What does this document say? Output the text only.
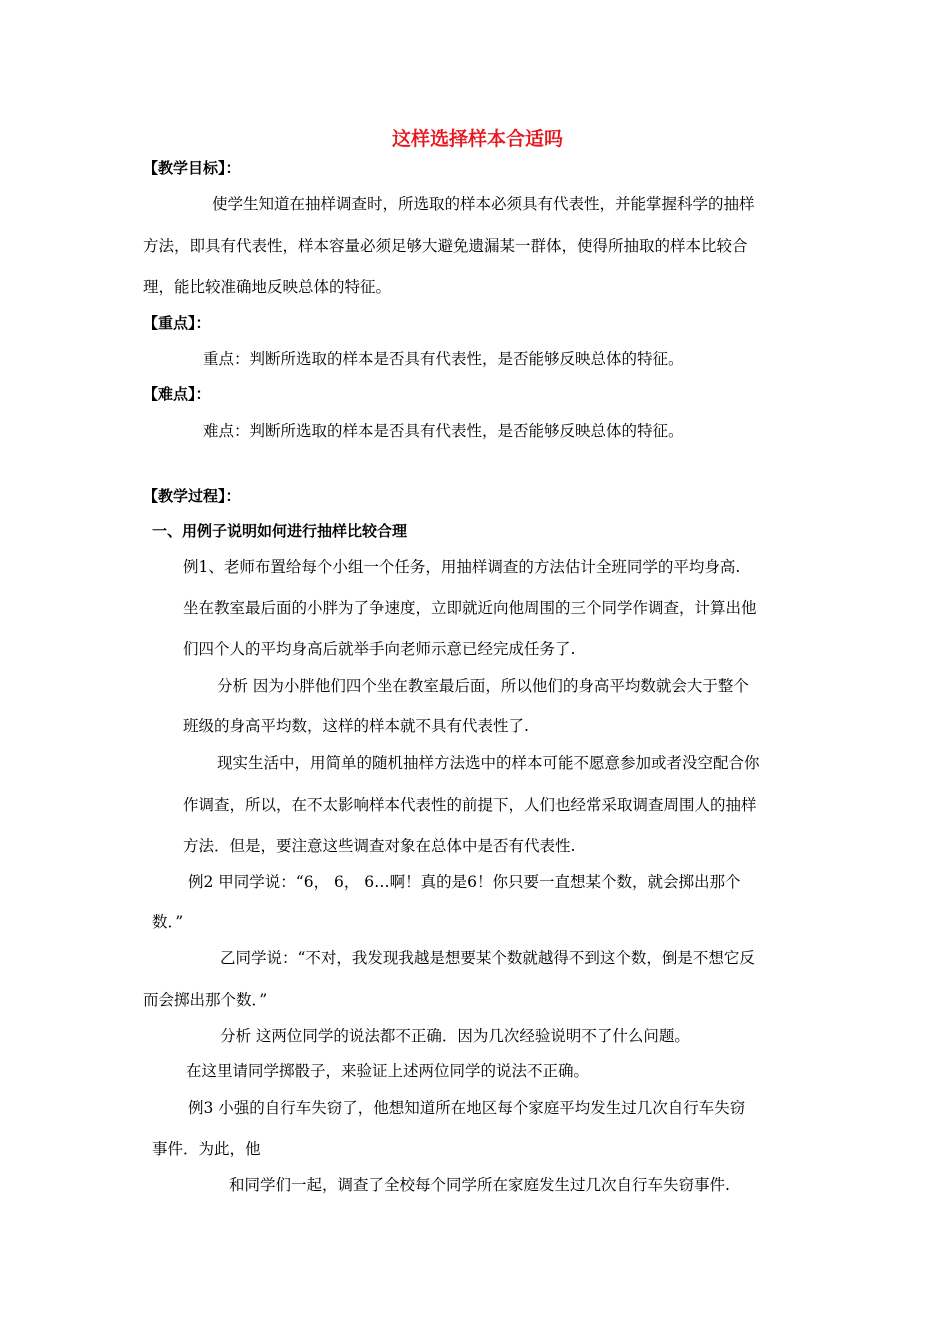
这样选择样本合适吗
【教学目标】：
使学生知道在抽样调查时，所选取的样本必须具有代表性，并能掌握科学的抽样
方法，即具有代表性，样本容量必须足够大避免遗漏某一群体，使得所抽取的样本比较合
理，能比较准确地反映总体的特征。
【重点】：
重点：判断所选取的样本是否具有代表性，是否能够反映总体的特征。
【难点】：
难点：判断所选取的样本是否具有代表性，是否能够反映总体的特征。
【教学过程】：
一、用例子说明如何进行抽样比较合理
例1、老师布置给每个小组一个任务，用抽样调查的方法估计全班同学的平均身高.
坐在教室最后面的小胖为了争速度，立即就近向他周围的三个同学作调查，计算出他
们四个人的平均身高后就举手向老师示意已经完成任务了.
分析 因为小胖他们四个坐在教室最后面，所以他们的身高平均数就会大于整个
班级的身高平均数，这样的样本就不具有代表性了.
现实生活中，用简单的随机抽样方法选中的样本可能不愿意参加或者没空配合你
作调查，所以，在不太影响样本代表性的前提下，人们也经常采取调查周围人的抽样
方法．但是，要注意这些调查对象在总体中是否有代表性.
例2 甲同学说：“6， 6， 6…啊！真的是6！你只要一直想某个数，就会掷出那个
数．”
乙同学说：“不对，我发现我越是想要某个数就越得不到这个数，倒是不想它反
而会掷出那个数．”
分析 这两位同学的说法都不正确．因为几次经验说明不了什么问题。
在这里请同学掷骰子，来验证上述两位同学的说法不正确。
例3 小强的自行车失窃了，他想知道所在地区每个家庭平均发生过几次自行车失窃
事件．为此，他
和同学们一起，调查了全校每个同学所在家庭发生过几次自行车失窃事件.
